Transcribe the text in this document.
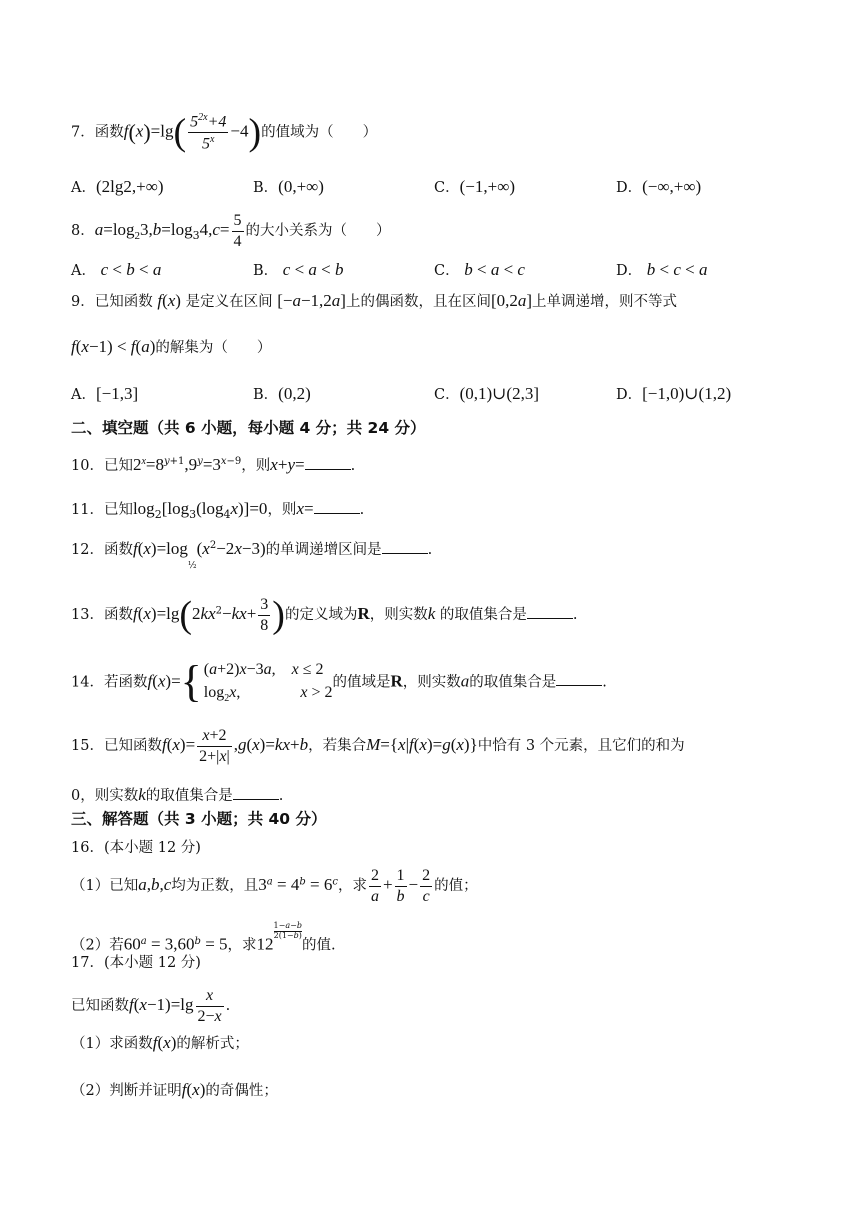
7．函数$f(x)=\lg( \frac{5^{2x}+4}{5^x} -4)$的值域为（　　）
A．(2lg2,+∞)	B．(0,+∞)	C．(−1,+∞)	D．(−∞,+∞)
8．$a=\log_23,b=\log_34,c= \frac{5}{4}$ 的大小关系为（　　）
A． c < b < a	B． c < a < b	C． b < a < c	D． b < c < a
9．已知函数 f(x) 是定义在区间 [−a−1,2a]上的偶函数，且在区间[0,2a]上单调递增，则不等式
f(x−1) < f(a)的解集为（　　）
A．[−1,3]	B．(0,2)	C．(0,1)∪(2,3]	D．[−1,0)∪(1,2)
二、填空题（共 6 小题，每小题 4 分；共 24 分）
10．已知$2^x=8^{y+1},9^y=3^{x-9}$，则x+y=	.
11．已知$\log_2[\log_3(\log_4x)]=0$，则x=	.
12．函数$f(x)=\log_{\frac{1}{2}}(x^2-2x-3)$的单调递增区间是	.
13．函数$f(x)=\lg(2kx^2-kx+ \frac{3}{8}$ )的定义域为R，则实数k 的取值集合是	.
14．若函数f(x)={ (a+2)x−3a,    x ≤ 2
$\log_2x$,               x > 2
的值域是R，则实数a的取值集合是	.
15．已知函数$f(x)= \frac{x+2}{2+|x|} ,g(x)=kx+b$，若集合M={x|f(x)=g(x)}中恰有 3 个元素，且它们的和为
0，则实数k的取值集合是	.
三、解答题（共 3 小题；共 40 分）
16．(本小题 12 分)
（1）已知a,b,c均为正数，且$3^a = 4^b = 6^c$，求 $\frac{2}{a} + \frac{1}{b} - \frac{2}{c}$ 的值；
（2）若$60^a = 3,60^b = 5$，求12
$^{\frac{1-a-b}{2(1-b)}}$
的值.
17．(本小题 12 分)
已知函数$f(x-1)=\lg \frac{x}{2-x}$ .
（1）求函数f(x)的解析式；
（2）判断并证明f(x)的奇偶性；
